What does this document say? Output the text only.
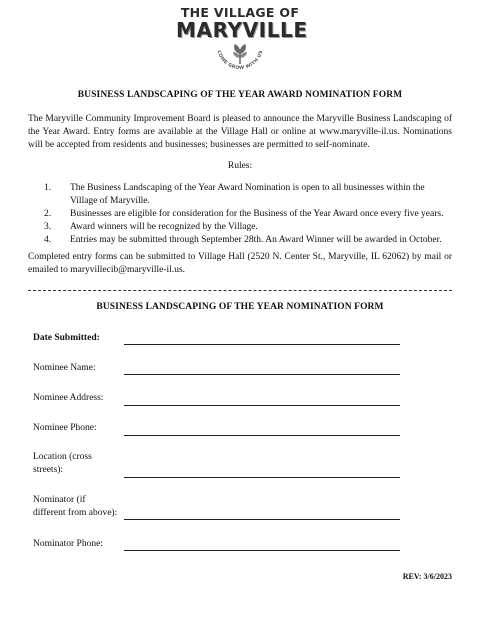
THE VILLAGE OF
MARYVILLE
COME GROW WITH US
BUSINESS LANDSCAPING OF THE YEAR AWARD NOMINATION FORM
The Maryville Community Improvement Board is pleased to announce the Maryville Business Landscaping of the Year Award. Entry forms are available at the Village Hall or online at www.maryville-il.us. Nominations will be accepted from residents and businesses; businesses are permitted to self-nominate.
Rules:
1.	The Business Landscaping of the Year Award Nomination is open to all businesses within the Village of Maryville.
2.	Businesses are eligible for consideration for the Business of the Year Award once every five years.
3.	Award winners will be recognized by the Village.
4.	Entries may be submitted through September 28th. An Award Winner will be awarded in October.
Completed entry forms can be submitted to Village Hall (2520 N. Center St., Maryville, IL 62062) by mail or emailed to maryvillecib@maryville-il.us.
BUSINESS LANDSCAPING OF THE YEAR NOMINATION FORM
Date Submitted:
Nominee Name:
Nominee Address:
Nominee Phone:
Location (cross streets):
Nominator (if different from above):
Nominator Phone:
REV: 3/6/2023
